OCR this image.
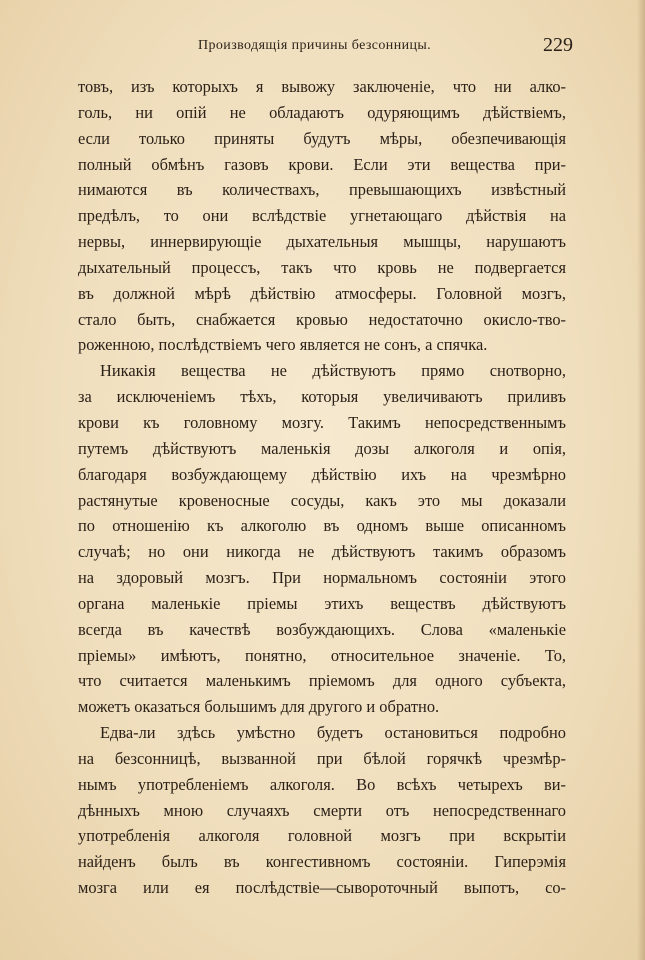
Производящія причины безсонницы.	229
товъ, изъ которыхъ я вывожу заключеніе, что ни алко-
голь, ни опій не обладаютъ одуряющимъ дѣйствіемъ,
если только приняты будутъ мѣры, обезпечивающія
полный обмѣнъ газовъ крови. Если эти вещества при-
нимаются въ количествахъ, превышающихъ извѣстный
предѣлъ, то они вслѣдствіе угнетающаго дѣйствія на
нервы, иннервирующіе дыхательныя мышцы, нарушаютъ
дыхательный процессъ, такъ что кровь не подвергается
въ должной мѣрѣ дѣйствію атмосферы. Головной мозгъ,
стало быть, снабжается кровью недостаточно окисло-тво-
роженною, послѣдствіемъ чего является не сонъ, а спячка.
Никакія вещества не дѣйствуютъ прямо снотворно,
за исключеніемъ тѣхъ, которыя увеличиваютъ приливъ
крови къ головному мозгу. Такимъ непосредственнымъ
путемъ дѣйствуютъ маленькія дозы алкоголя и опія,
благодаря возбуждающему дѣйствію ихъ на чрезмѣрно
растянутые кровеносные сосуды, какъ это мы доказали
по отношенію къ алкоголю въ одномъ выше описанномъ
случаѣ; но они никогда не дѣйствуютъ такимъ образомъ
на здоровый мозгъ. При нормальномъ состояніи этого
органа маленькіе пріемы этихъ веществъ дѣйствуютъ
всегда въ качествѣ возбуждающихъ. Слова «маленькіе
пріемы» имѣютъ, понятно, относительное значеніе. То,
что считается маленькимъ пріемомъ для одного субъекта,
можетъ оказаться большимъ для другого и обратно.
Едва-ли здѣсь умѣстно будетъ остановиться подробно
на безсонницѣ, вызванной при бѣлой горячкѣ чрезмѣр-
нымъ употребленіемъ алкоголя. Во всѣхъ четырехъ ви-
дѣнныхъ мною случаяхъ смерти отъ непосредственнаго
употребленія алкоголя головной мозгъ при вскрытіи
найденъ былъ въ конгестивномъ состояніи. Гиперэмія
мозга или ея послѣдствіе—сывороточный выпотъ, со-
